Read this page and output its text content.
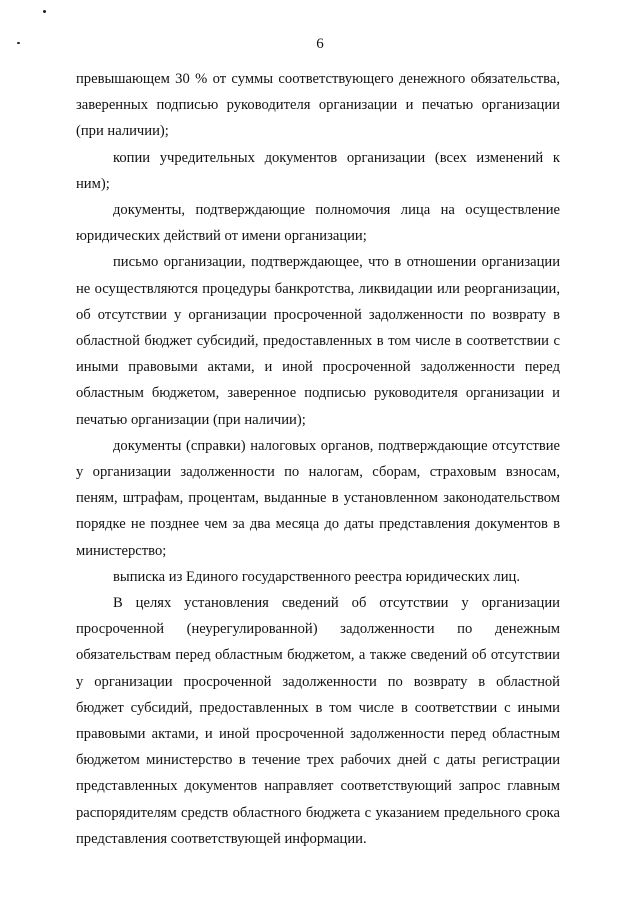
6

превышающем 30 % от суммы соответствующего денежного обязательства, заверенных подписью руководителя организации и печатью организации (при наличии);

копии учредительных документов организации (всех изменений к ним);

документы, подтверждающие полномочия лица на осуществление юридических действий от имени организации;

письмо организации, подтверждающее, что в отношении организации не осуществляются процедуры банкротства, ликвидации или реорганизации, об отсутствии у организации просроченной задолженности по возврату в областной бюджет субсидий, предоставленных в том числе в соответствии с иными правовыми актами, и иной просроченной задолженности перед областным бюджетом, заверенное подписью руководителя организации и печатью организации (при наличии);

документы (справки) налоговых органов, подтверждающие отсутствие у организации задолженности по налогам, сборам, страховым взносам, пеням, штрафам, процентам, выданные в установленном законодательством порядке не позднее чем за два месяца до даты представления документов в министерство;

выписка из Единого государственного реестра юридических лиц.

В целях установления сведений об отсутствии у организации просроченной (неурегулированной) задолженности по денежным обязательствам перед областным бюджетом, а также сведений об отсутствии у организации просроченной задолженности по возврату в областной бюджет субсидий, предоставленных в том числе в соответствии с иными правовыми актами, и иной просроченной задолженности перед областным бюджетом министерство в течение трех рабочих дней с даты регистрации представленных документов направляет соответствующий запрос главным распорядителям средств областного бюджета с указанием предельного срока представления соответствующей информации.
